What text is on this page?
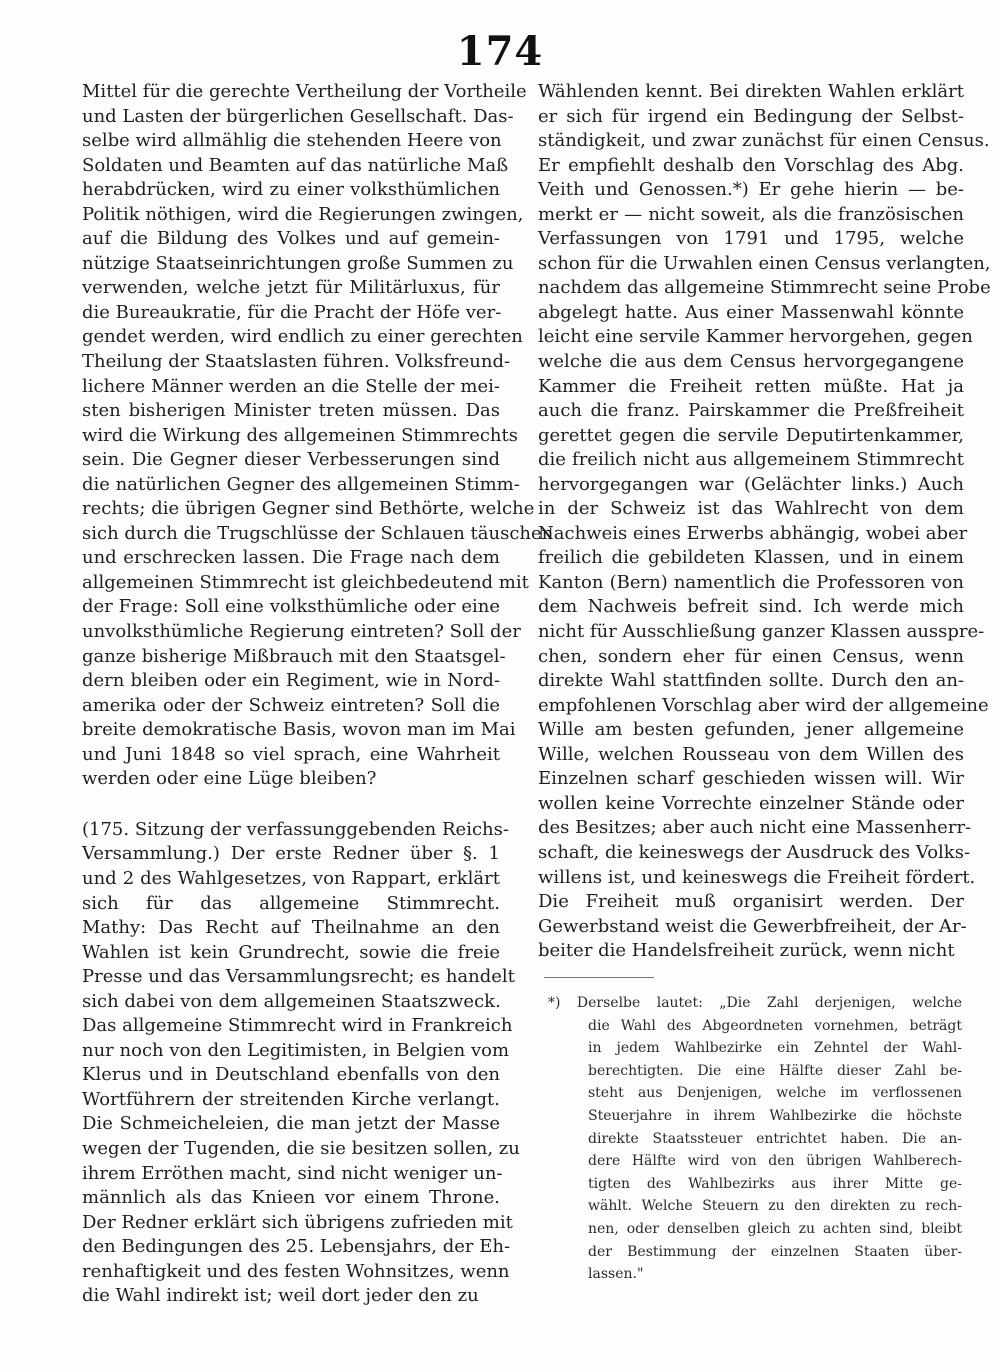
174
Mittel für die gerechte Vertheilung der Vortheile
und Lasten der bürgerlichen Gesellschaft. Das-
selbe wird allmählig die stehenden Heere von
Soldaten und Beamten auf das natürliche Maß
herabdrücken, wird zu einer volksthümlichen
Politik nöthigen, wird die Regierungen zwingen,
auf die Bildung des Volkes und auf gemein-
nützige Staatseinrichtungen große Summen zu
verwenden, welche jetzt für Militärluxus, für
die Bureaukratie, für die Pracht der Höfe ver-
gendet werden, wird endlich zu einer gerechten
Theilung der Staatslasten führen. Volksfreund-
lichere Männer werden an die Stelle der mei-
sten bisherigen Minister treten müssen. Das
wird die Wirkung des allgemeinen Stimmrechts
sein. Die Gegner dieser Verbesserungen sind
die natürlichen Gegner des allgemeinen Stimm-
rechts; die übrigen Gegner sind Bethörte, welche
sich durch die Trugschlüsse der Schlauen täuschen
und erschrecken lassen. Die Frage nach dem
allgemeinen Stimmrecht ist gleichbedeutend mit
der Frage: Soll eine volksthümliche oder eine
unvolksthümliche Regierung eintreten? Soll der
ganze bisherige Mißbrauch mit den Staatsgel-
dern bleiben oder ein Regiment, wie in Nord-
amerika oder der Schweiz eintreten? Soll die
breite demokratische Basis, wovon man im Mai
und Juni 1848 so viel sprach, eine Wahrheit
werden oder eine Lüge bleiben?
(175. Sitzung der verfassunggebenden Reichs-
Versammlung.) Der erste Redner über §. 1
und 2 des Wahlgesetzes, von Rappart, erklärt
sich für das allgemeine Stimmrecht.
Mathy: Das Recht auf Theilnahme an den
Wahlen ist kein Grundrecht, sowie die freie
Presse und das Versammlungsrecht; es handelt
sich dabei von dem allgemeinen Staatszweck.
Das allgemeine Stimmrecht wird in Frankreich
nur noch von den Legitimisten, in Belgien vom
Klerus und in Deutschland ebenfalls von den
Wortführern der streitenden Kirche verlangt.
Die Schmeicheleien, die man jetzt der Masse
wegen der Tugenden, die sie besitzen sollen, zu
ihrem Erröthen macht, sind nicht weniger un-
männlich als das Knieen vor einem Throne.
Der Redner erklärt sich übrigens zufrieden mit
den Bedingungen des 25. Lebensjahrs, der Eh-
renhaftigkeit und des festen Wohnsitzes, wenn
die Wahl indirekt ist; weil dort jeder den zu
Wählenden kennt. Bei direkten Wahlen erklärt
er sich für irgend ein Bedingung der Selbst-
ständigkeit, und zwar zunächst für einen Census.
Er empfiehlt deshalb den Vorschlag des Abg.
Veith und Genossen.*) Er gehe hierin — be-
merkt er — nicht soweit, als die französischen
Verfassungen von 1791 und 1795, welche
schon für die Urwahlen einen Census verlangten,
nachdem das allgemeine Stimmrecht seine Probe
abgelegt hatte. Aus einer Massenwahl könnte
leicht eine servile Kammer hervorgehen, gegen
welche die aus dem Census hervorgegangene
Kammer die Freiheit retten müßte. Hat ja
auch die franz. Pairskammer die Preßfreiheit
gerettet gegen die servile Deputirtenkammer,
die freilich nicht aus allgemeinem Stimmrecht
hervorgegangen war (Gelächter links.) Auch
in der Schweiz ist das Wahlrecht von dem
Nachweis eines Erwerbs abhängig, wobei aber
freilich die gebildeten Klassen, und in einem
Kanton (Bern) namentlich die Professoren von
dem Nachweis befreit sind. Ich werde mich
nicht für Ausschließung ganzer Klassen ausspre-
chen, sondern eher für einen Census, wenn
direkte Wahl stattfinden sollte. Durch den an-
empfohlenen Vorschlag aber wird der allgemeine
Wille am besten gefunden, jener allgemeine
Wille, welchen Rousseau von dem Willen des
Einzelnen scharf geschieden wissen will. Wir
wollen keine Vorrechte einzelner Stände oder
des Besitzes; aber auch nicht eine Massenherr-
schaft, die keineswegs der Ausdruck des Volks-
willens ist, und keineswegs die Freiheit fördert.
Die Freiheit muß organisirt werden. Der
Gewerbstand weist die Gewerbfreiheit, der Ar-
beiter die Handelsfreiheit zurück, wenn nicht
*) Derselbe lautet: „Die Zahl derjenigen, welche
die Wahl des Abgeordneten vornehmen, beträgt
in jedem Wahlbezirke ein Zehntel der Wahl-
berechtigten. Die eine Hälfte dieser Zahl be-
steht aus Denjenigen, welche im verflossenen
Steuerjahre in ihrem Wahlbezirke die höchste
direkte Staatssteuer entrichtet haben. Die an-
dere Hälfte wird von den übrigen Wahlberech-
tigten des Wahlbezirks aus ihrer Mitte ge-
wählt. Welche Steuern zu den direkten zu rech-
nen, oder denselben gleich zu achten sind, bleibt
der Bestimmung der einzelnen Staaten über-
lassen."
